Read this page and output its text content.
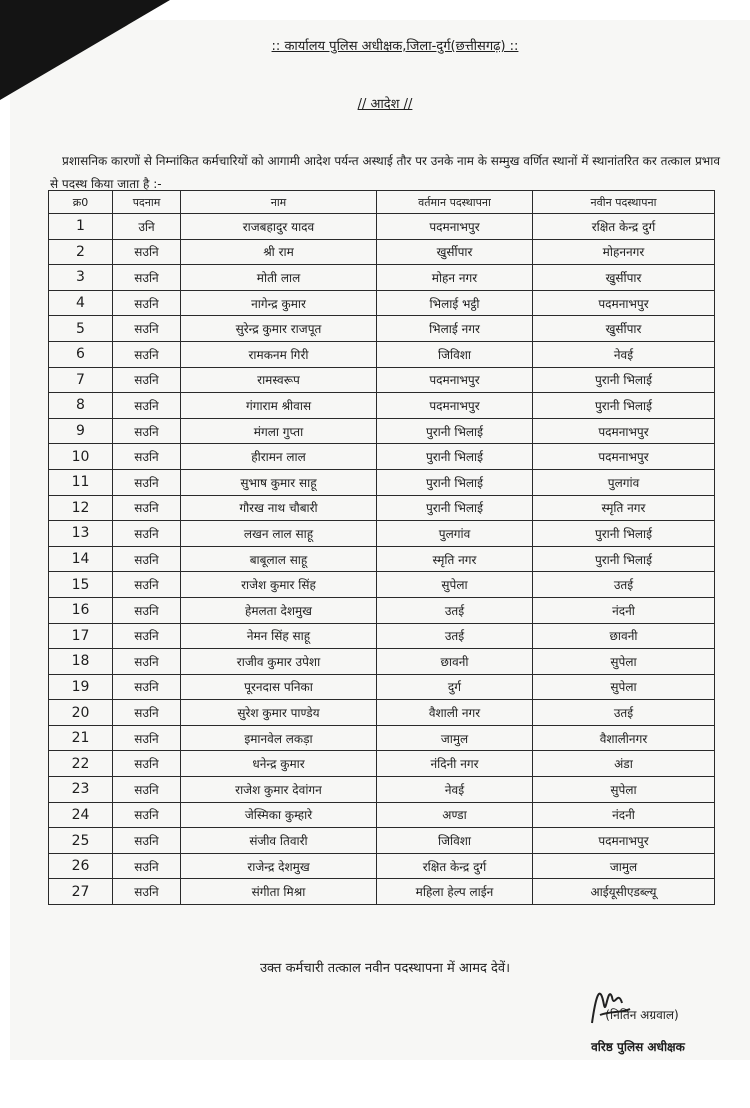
:: कार्यालय पुलिस अधीक्षक,जिला-दुर्ग(छत्तीसगढ़) ::
// आदेश //
प्रशासनिक कारणों से निम्नांकित कर्मचारियों को आगामी आदेश पर्यन्त अस्थाई तौर पर उनके नाम के सम्मुख वर्णित स्थानों में स्थानांतरित कर तत्काल प्रभाव से पदस्थ किया जाता है :-
क्र0	पदनाम	नाम	वर्तमान पदस्थापना	नवीन पदस्थापना
1	उनि	राजबहादुर यादव	पदमनाभपुर	रक्षित केन्द्र दुर्ग
2	सउनि	श्री राम	खुर्सीपार	मोहननगर
3	सउनि	मोती लाल	मोहन नगर	खुर्सीपार
4	सउनि	नागेन्द्र कुमार	भिलाई भट्ठी	पदमनाभपुर
5	सउनि	सुरेन्द्र कुमार राजपूत	भिलाई नगर	खुर्सीपार
6	सउनि	रामकनम गिरी	जिविशा	नेवई
7	सउनि	रामस्वरूप	पदमनाभपुर	पुरानी भिलाई
8	सउनि	गंगाराम श्रीवास	पदमनाभपुर	पुरानी भिलाई
9	सउनि	मंगला गुप्ता	पुरानी भिलाई	पदमनाभपुर
10	सउनि	हीरामन लाल	पुरानी भिलाई	पदमनाभपुर
11	सउनि	सुभाष कुमार साहू	पुरानी भिलाई	पुलगांव
12	सउनि	गौरख नाथ चौबारी	पुरानी भिलाई	स्मृति नगर
13	सउनि	लखन लाल साहू	पुलगांव	पुरानी भिलाई
14	सउनि	बाबूलाल साहू	स्मृति नगर	पुरानी भिलाई
15	सउनि	राजेश कुमार सिंह	सुपेला	उतई
16	सउनि	हेमलता देशमुख	उतई	नंदनी
17	सउनि	नेमन सिंह साहू	उतई	छावनी
18	सउनि	राजीव कुमार उपेशा	छावनी	सुपेला
19	सउनि	पूरनदास पनिका	दुर्ग	सुपेला
20	सउनि	सुरेश कुमार पाण्डेय	वैशाली नगर	उतई
21	सउनि	इमानवेल लकड़ा	जामुल	वैशालीनगर
22	सउनि	धनेन्द्र कुमार	नंदिनी नगर	अंडा
23	सउनि	राजेश कुमार देवांगन	नेवई	सुपेला
24	सउनि	जेस्मिका कुम्हारे	अण्डा	नंदनी
25	सउनि	संजीव तिवारी	जिविशा	पदमनाभपुर
26	सउनि	राजेन्द्र देशमुख	रक्षित केन्द्र दुर्ग	जामुल
27	सउनि	संगीता मिश्रा	महिला हेल्प लाईन	आईयूसीएडब्ल्यू
उक्त कर्मचारी तत्काल नवीन पदस्थापना में आमद देवें।
(नितिन अग्रवाल)
वरिष्ठ पुलिस अधीक्षक
